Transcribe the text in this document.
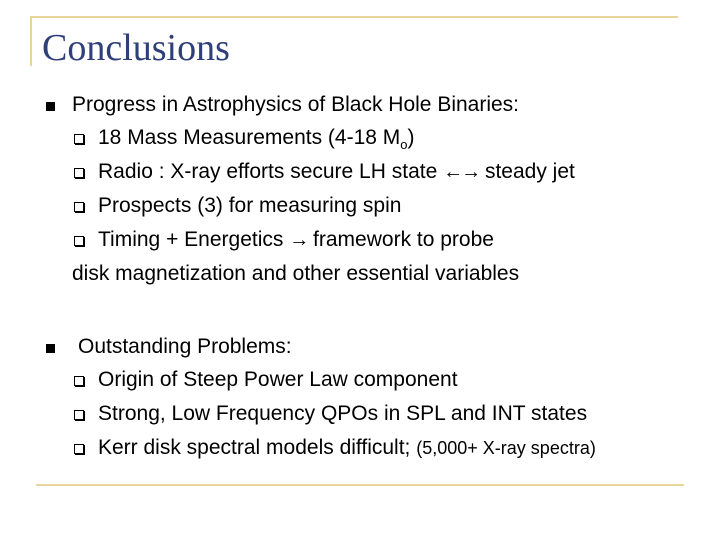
Conclusions
Progress in Astrophysics of Black Hole Binaries:
18 Mass Measurements (4-18 $M_o$)
Radio : X-ray efforts secure LH state ←→ steady jet
Prospects (3) for measuring spin
Timing + Energetics → framework to probe
disk magnetization and other essential variables
Outstanding Problems:
Origin of Steep Power Law component
Strong, Low Frequency QPOs in SPL and INT states
Kerr disk spectral models difficult; (5,000+ X-ray spectra)
